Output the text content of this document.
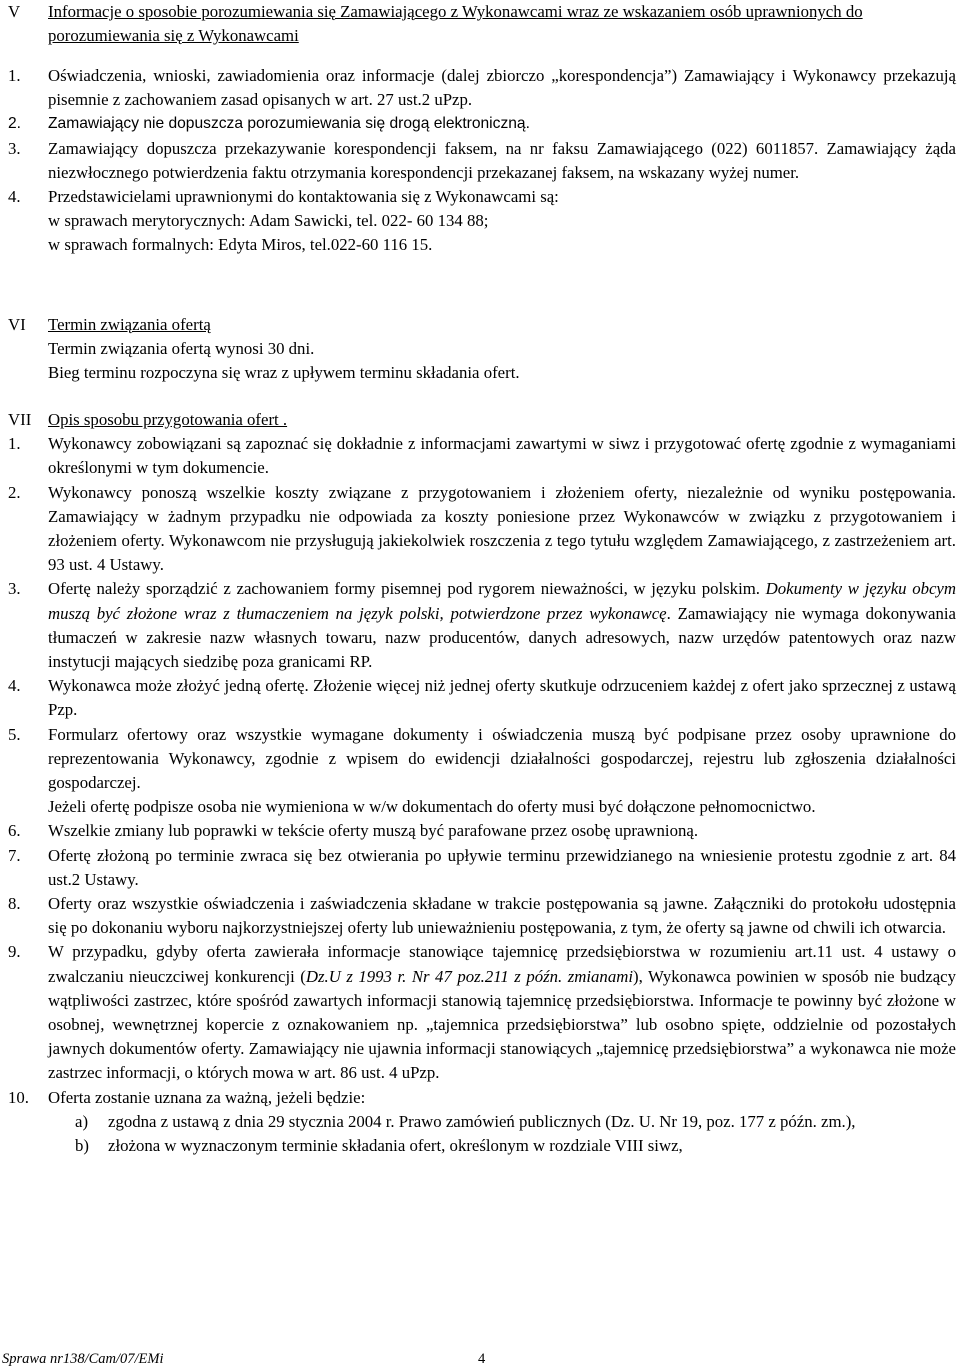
V Informacje o sposobie porozumiewania się Zamawiającego z Wykonawcami wraz ze wskazaniem osób uprawnionych do porozumiewania się z Wykonawcami
1. Oświadczenia, wnioski, zawiadomienia oraz informacje (dalej zbiorczo „korespondencja”) Zamawiający i Wykonawcy przekazują pisemnie z zachowaniem zasad opisanych w art. 27 ust.2 uPzp.
2. Zamawiający nie dopuszcza porozumiewania się drogą elektroniczną.
3. Zamawiający dopuszcza przekazywanie korespondencji faksem, na nr faksu Zamawiającego (022) 6011857. Zamawiający żąda niezwłocznego potwierdzenia faktu otrzymania korespondencji przekazanej faksem, na wskazany wyżej numer.
4. Przedstawicielami uprawnionymi do kontaktowania się z Wykonawcami są:
w sprawach merytorycznych: Adam Sawicki, tel. 022- 60 134 88;
w sprawach formalnych: Edyta Miros, tel.022-60 116 15.
VI Termin związania ofertą
Termin związania ofertą wynosi 30 dni.
Bieg terminu rozpoczyna się wraz z upływem terminu składania ofert.
VII Opis sposobu przygotowania ofert .
1. Wykonawcy zobowiązani są zapoznać się dokładnie z informacjami zawartymi w siwz i przygotować ofertę zgodnie z wymaganiami określonymi w tym dokumencie.
2. Wykonawcy ponoszą wszelkie koszty związane z przygotowaniem i złożeniem oferty, niezależnie od wyniku postępowania. Zamawiający w żadnym przypadku nie odpowiada za koszty poniesione przez Wykonawców w związku z przygotowaniem i złożeniem oferty. Wykonawcom nie przysługują jakiekolwiek roszczenia z tego tytułu względem Zamawiającego, z zastrzeżeniem art. 93 ust. 4 Ustawy.
3. Ofertę należy sporządzić z zachowaniem formy pisemnej pod rygorem nieważności, w języku polskim. Dokumenty w języku obcym muszą być złożone wraz z tłumaczeniem na język polski, potwierdzone przez wykonawcę. Zamawiający nie wymaga dokonywania tłumaczeń w zakresie nazw własnych towaru, nazw producentów, danych adresowych, nazw urzędów patentowych oraz nazw instytucji mających siedzibę poza granicami RP.
4. Wykonawca może złożyć jedną ofertę. Złożenie więcej niż jednej oferty skutkuje odrzuceniem każdej z ofert jako sprzecznej z ustawą Pzp.
5. Formularz ofertowy oraz wszystkie wymagane dokumenty i oświadczenia muszą być podpisane przez osoby uprawnione do reprezentowania Wykonawcy, zgodnie z wpisem do ewidencji działalności gospodarczej, rejestru lub zgłoszenia działalności gospodarczej.
Jeżeli ofertę podpisze osoba nie wymieniona w w/w dokumentach do oferty musi być dołączone pełnomocnictwo.
6. Wszelkie zmiany lub poprawki w tekście oferty muszą być parafowane przez osobę uprawnioną.
7. Ofertę złożoną po terminie zwraca się bez otwierania po upływie terminu przewidzianego na wniesienie protestu zgodnie z art. 84 ust.2 Ustawy.
8. Oferty oraz wszystkie oświadczenia i zaświadczenia składane w trakcie postępowania są jawne. Załączniki do protokołu udostępnia się po dokonaniu wyboru najkorzystniejszej oferty lub unieważnieniu postępowania, z tym, że oferty są jawne od chwili ich otwarcia.
9. W przypadku, gdyby oferta zawierała informacje stanowiące tajemnicę przedsiębiorstwa w rozumieniu art.11 ust. 4 ustawy o zwalczaniu nieuczciwej konkurencji (Dz.U z 1993 r. Nr 47 poz.211 z późn. zmianami), Wykonawca powinien w sposób nie budzący wątpliwości zastrzec, które spośród zawartych informacji stanowią tajemnicę przedsiębiorstwa. Informacje te powinny być złożone w osobnej, wewnętrznej kopercie z oznakowaniem np. „tajemnica przedsiębiorstwa” lub osobno spięte, oddzielnie od pozostałych jawnych dokumentów oferty. Zamawiający nie ujawnia informacji stanowiących „tajemnicę przedsiębiorstwa” a wykonawca nie może zastrzec informacji, o których mowa w art. 86 ust. 4 uPzp.
10. Oferta zostanie uznana za ważną, jeżeli będzie:
a) zgodna z ustawą z dnia 29 stycznia 2004 r. Prawo zamówień publicznych (Dz. U. Nr 19, poz. 177 z późn. zm.),
b) złożona w wyznaczonym terminie składania ofert, określonym w rozdziale VIII siwz,
Sprawa nr138/Cam/07/EMi	4
